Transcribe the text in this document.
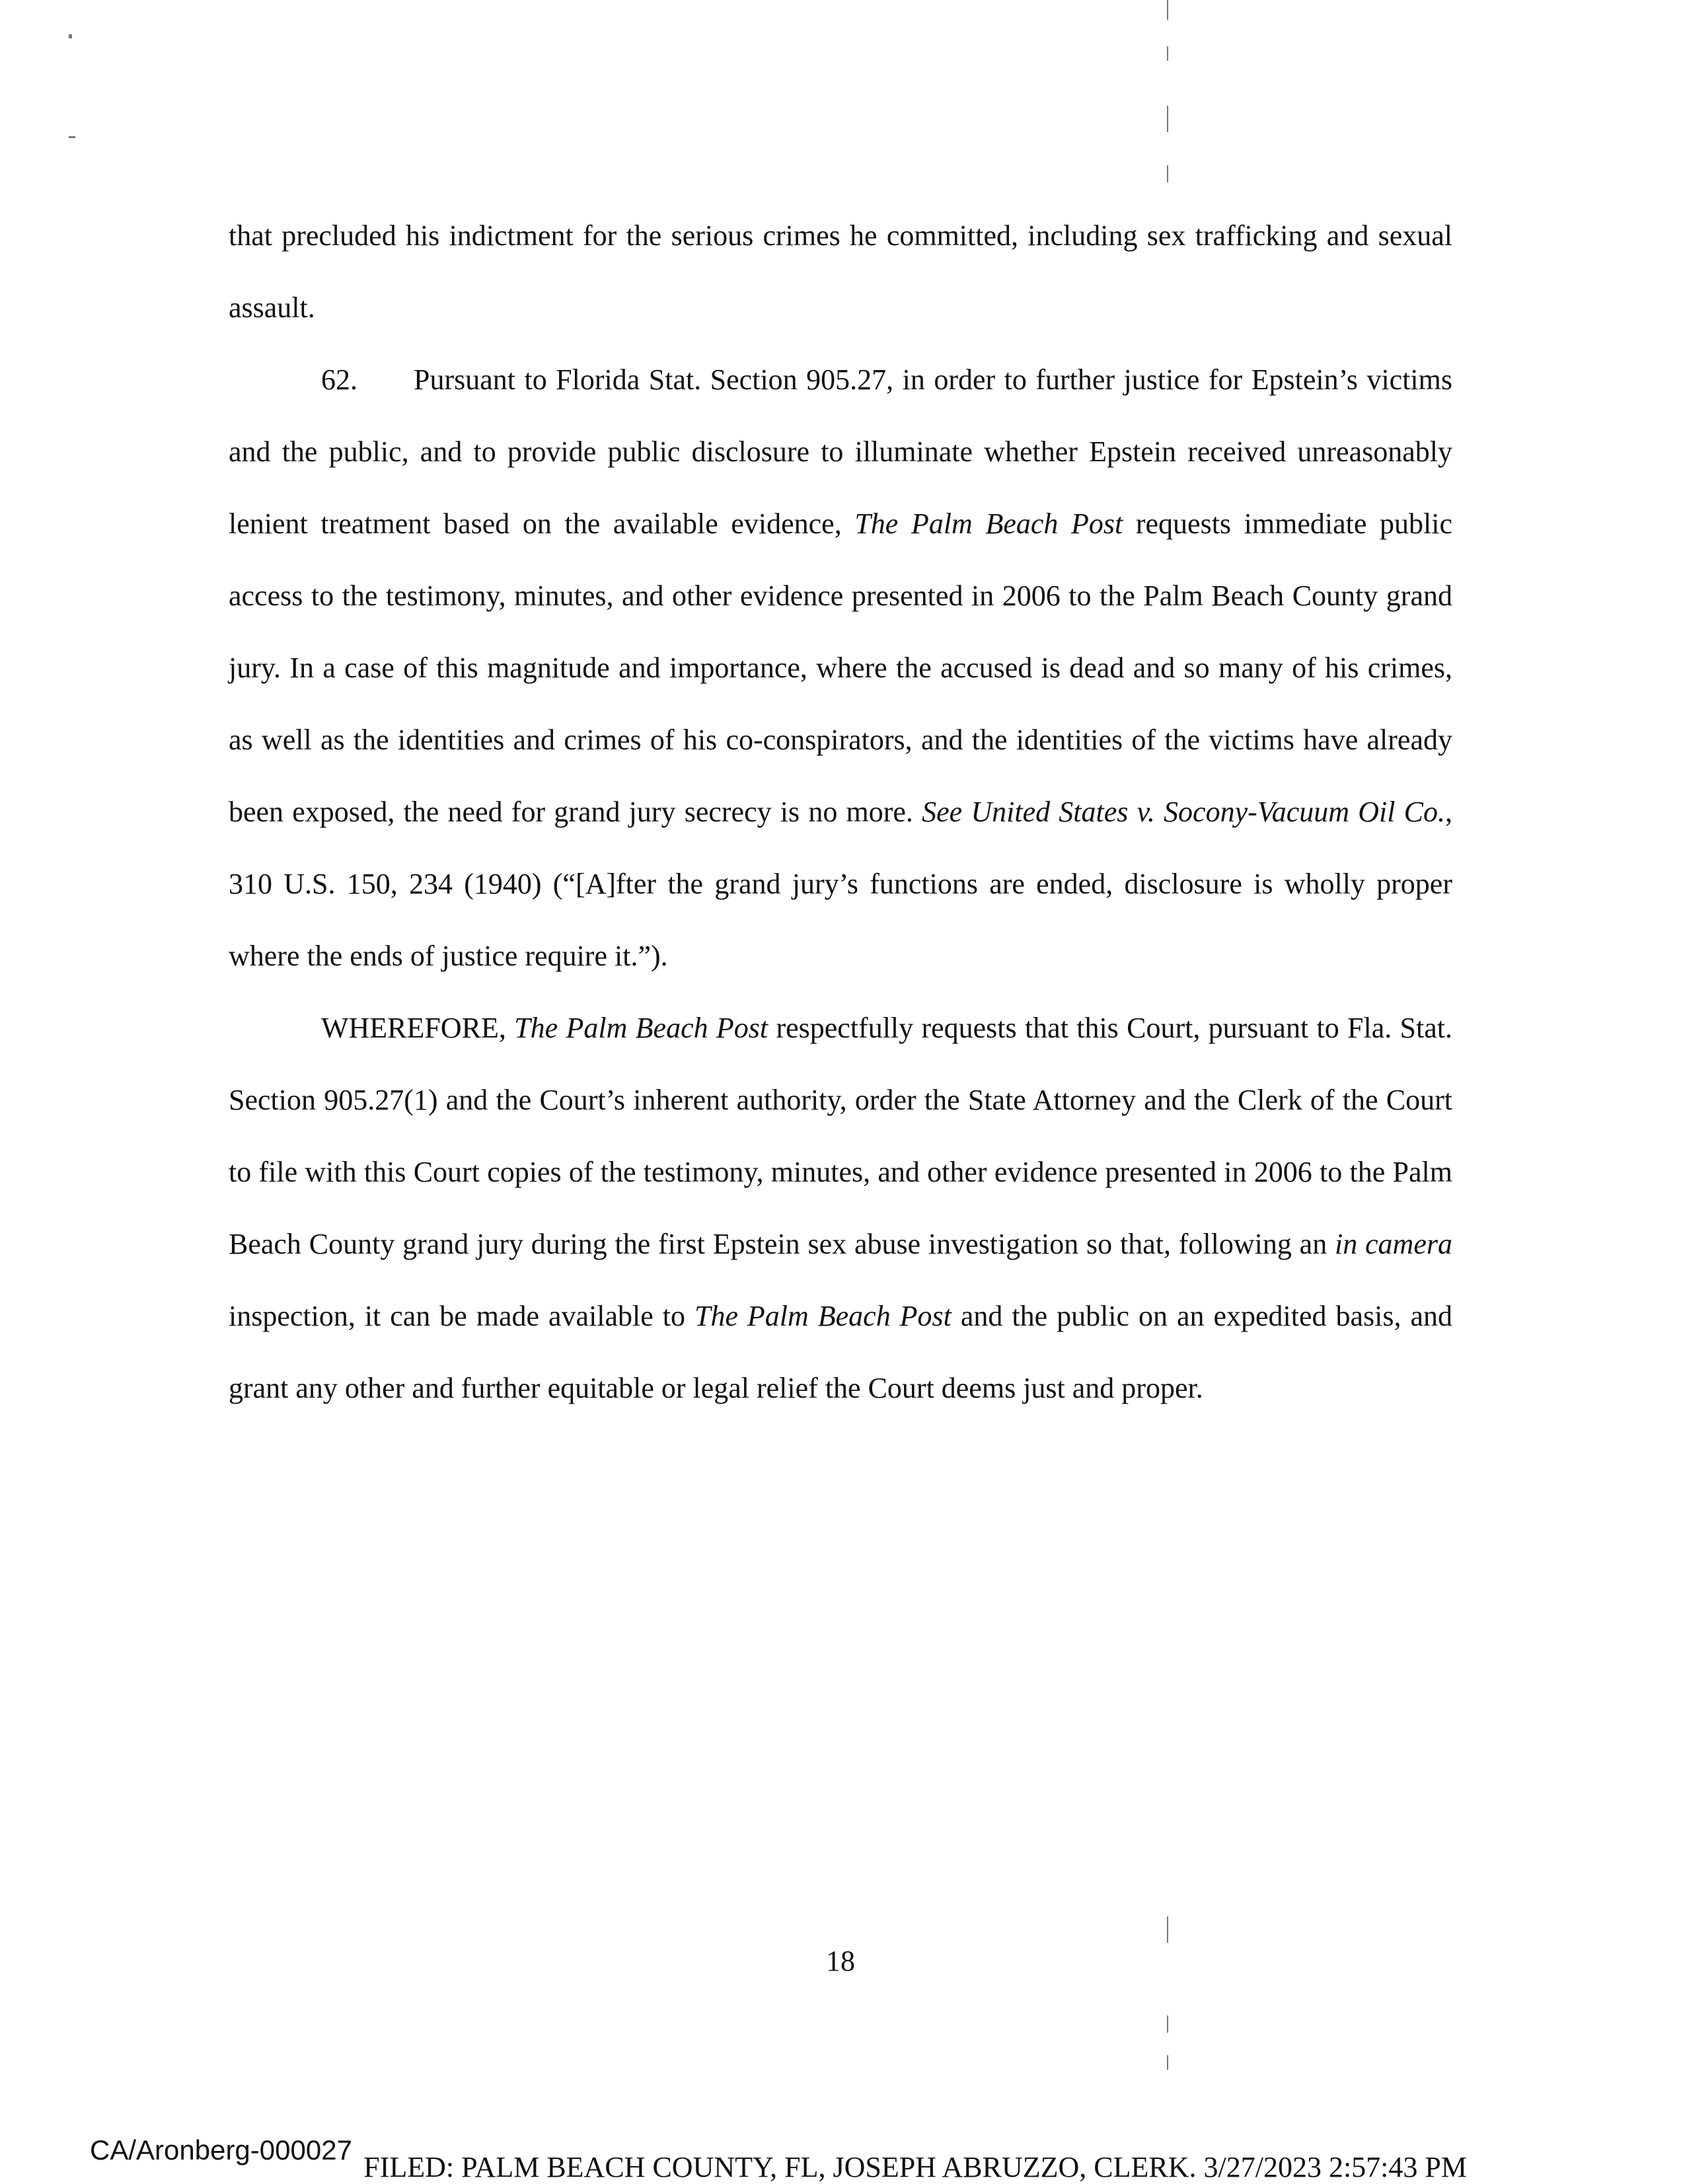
that precluded his indictment for the serious crimes he committed, including sex trafficking and sexual assault.

62. Pursuant to Florida Stat. Section 905.27, in order to further justice for Epstein’s victims and the public, and to provide public disclosure to illuminate whether Epstein received unreasonably lenient treatment based on the available evidence, The Palm Beach Post requests immediate public access to the testimony, minutes, and other evidence presented in 2006 to the Palm Beach County grand jury. In a case of this magnitude and importance, where the accused is dead and so many of his crimes, as well as the identities and crimes of his co-conspirators, and the identities of the victims have already been exposed, the need for grand jury secrecy is no more. See United States v. Socony-Vacuum Oil Co., 310 U.S. 150, 234 (1940) (“[A]fter the grand jury’s functions are ended, disclosure is wholly proper where the ends of justice require it.”).

WHEREFORE, The Palm Beach Post respectfully requests that this Court, pursuant to Fla. Stat. Section 905.27(1) and the Court’s inherent authority, order the State Attorney and the Clerk of the Court to file with this Court copies of the testimony, minutes, and other evidence presented in 2006 to the Palm Beach County grand jury during the first Epstein sex abuse investigation so that, following an in camera inspection, it can be made available to The Palm Beach Post and the public on an expedited basis, and grant any other and further equitable or legal relief the Court deems just and proper.

18
CA/Aronberg-000027
FILED: PALM BEACH COUNTY, FL, JOSEPH ABRUZZO, CLERK. 3/27/2023 2:57:43 PM
